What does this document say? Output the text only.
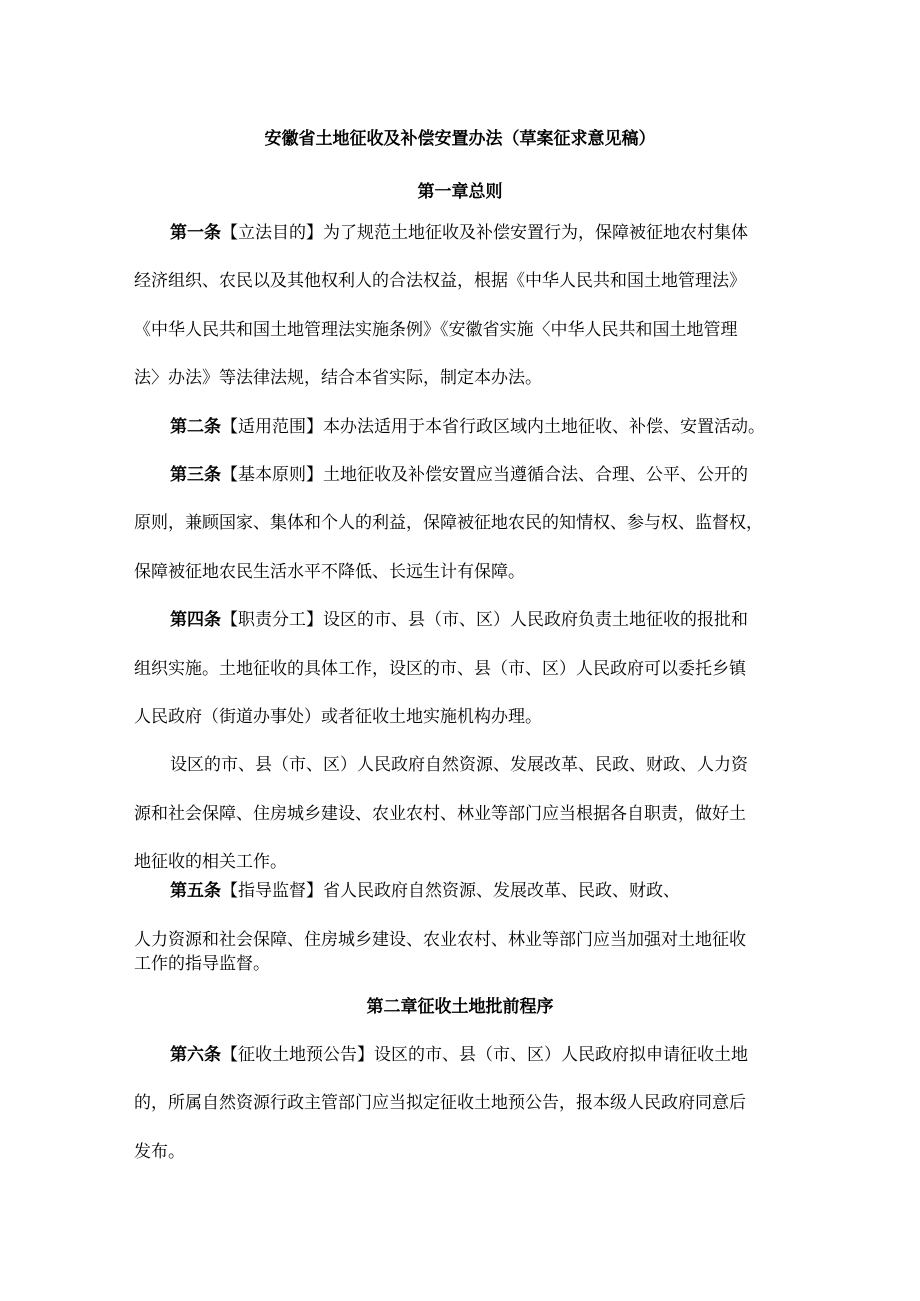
安徽省土地征收及补偿安置办法（草案征求意见稿）
第一章总则
第一条【立法目的】为了规范土地征收及补偿安置行为，保障被征地农村集体
经济组织、农民以及其他权利人的合法权益，根据《中华人民共和国土地管理法》
《中华人民共和国土地管理法实施条例》《安徽省实施〈中华人民共和国土地管理
法〉办法》等法律法规，结合本省实际，制定本办法。
第二条【适用范围】本办法适用于本省行政区域内土地征收、补偿、安置活动。
第三条【基本原则】土地征收及补偿安置应当遵循合法、合理、公平、公开的
原则，兼顾国家、集体和个人的利益，保障被征地农民的知情权、参与权、监督权，
保障被征地农民生活水平不降低、长远生计有保障。
第四条【职责分工】设区的市、县（市、区）人民政府负责土地征收的报批和
组织实施。土地征收的具体工作，设区的市、县（市、区）人民政府可以委托乡镇
人民政府（街道办事处）或者征收土地实施机构办理。
设区的市、县（市、区）人民政府自然资源、发展改革、民政、财政、人力资
源和社会保障、住房城乡建设、农业农村、林业等部门应当根据各自职责，做好土
地征收的相关工作。
第五条【指导监督】省人民政府自然资源、发展改革、民政、财政、
人力资源和社会保障、住房城乡建设、农业农村、林业等部门应当加强对土地征收
工作的指导监督。
第二章征收土地批前程序
第六条【征收土地预公告】设区的市、县（市、区）人民政府拟申请征收土地
的，所属自然资源行政主管部门应当拟定征收土地预公告，报本级人民政府同意后
发布。
